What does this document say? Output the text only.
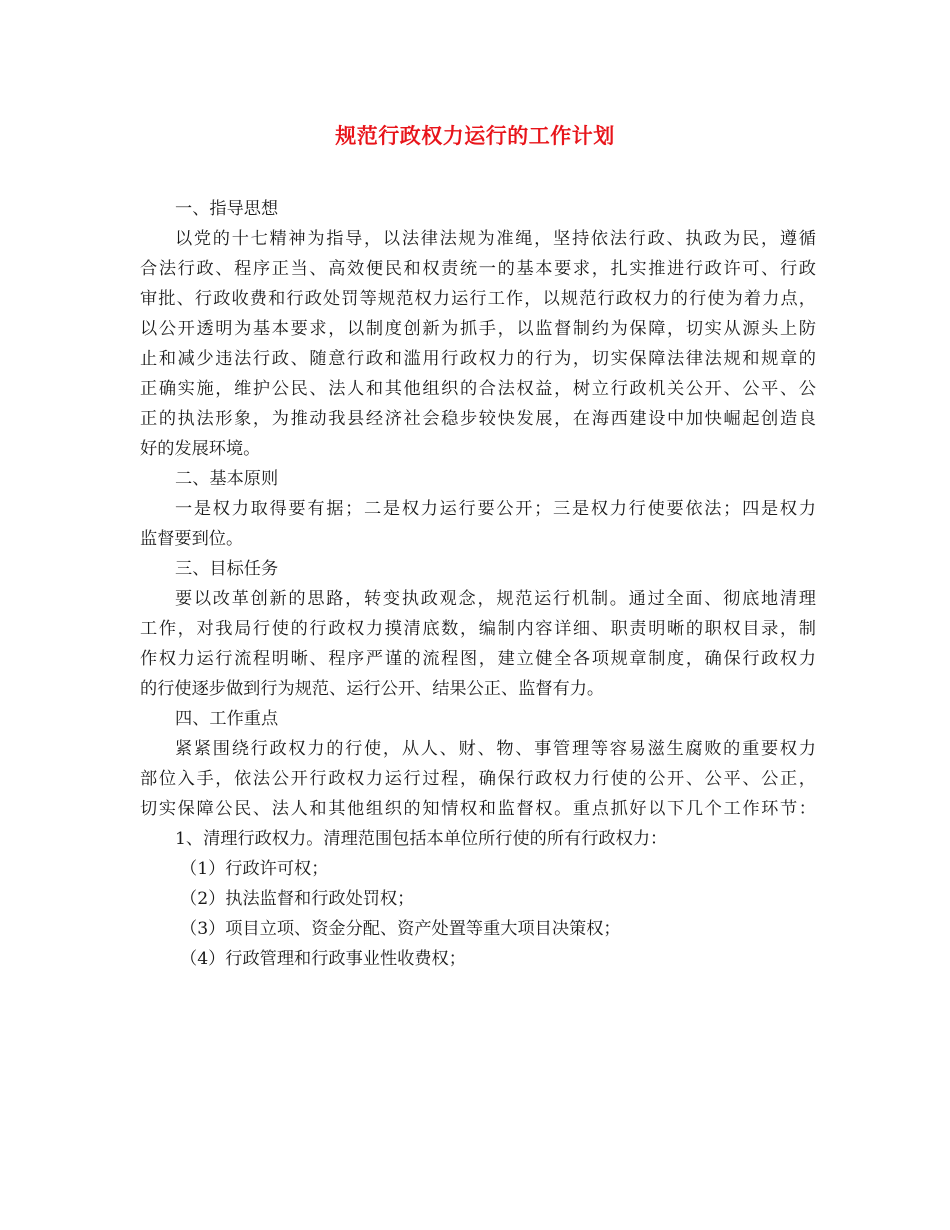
规范行政权力运行的工作计划
一、指导思想
以党的十七精神为指导，以法律法规为准绳，坚持依法行政、执政为民，遵循
合法行政、程序正当、高效便民和权责统一的基本要求，扎实推进行政许可、行政
审批、行政收费和行政处罚等规范权力运行工作，以规范行政权力的行使为着力点，
以公开透明为基本要求，以制度创新为抓手，以监督制约为保障，切实从源头上防
止和减少违法行政、随意行政和滥用行政权力的行为，切实保障法律法规和规章的
正确实施，维护公民、法人和其他组织的合法权益，树立行政机关公开、公平、公
正的执法形象，为推动我县经济社会稳步较快发展，在海西建设中加快崛起创造良
好的发展环境。
二、基本原则
一是权力取得要有据；二是权力运行要公开；三是权力行使要依法；四是权力
监督要到位。
三、目标任务
要以改革创新的思路，转变执政观念，规范运行机制。通过全面、彻底地清理
工作，对我局行使的行政权力摸清底数，编制内容详细、职责明晰的职权目录，制
作权力运行流程明晰、程序严谨的流程图，建立健全各项规章制度，确保行政权力
的行使逐步做到行为规范、运行公开、结果公正、监督有力。
四、工作重点
紧紧围绕行政权力的行使，从人、财、物、事管理等容易滋生腐败的重要权力
部位入手，依法公开行政权力运行过程，确保行政权力行使的公开、公平、公正，
切实保障公民、法人和其他组织的知情权和监督权。重点抓好以下几个工作环节：
1、清理行政权力。清理范围包括本单位所行使的所有行政权力：
（1）行政许可权；
（2）执法监督和行政处罚权；
（3）项目立项、资金分配、资产处置等重大项目决策权；
（4）行政管理和行政事业性收费权；
